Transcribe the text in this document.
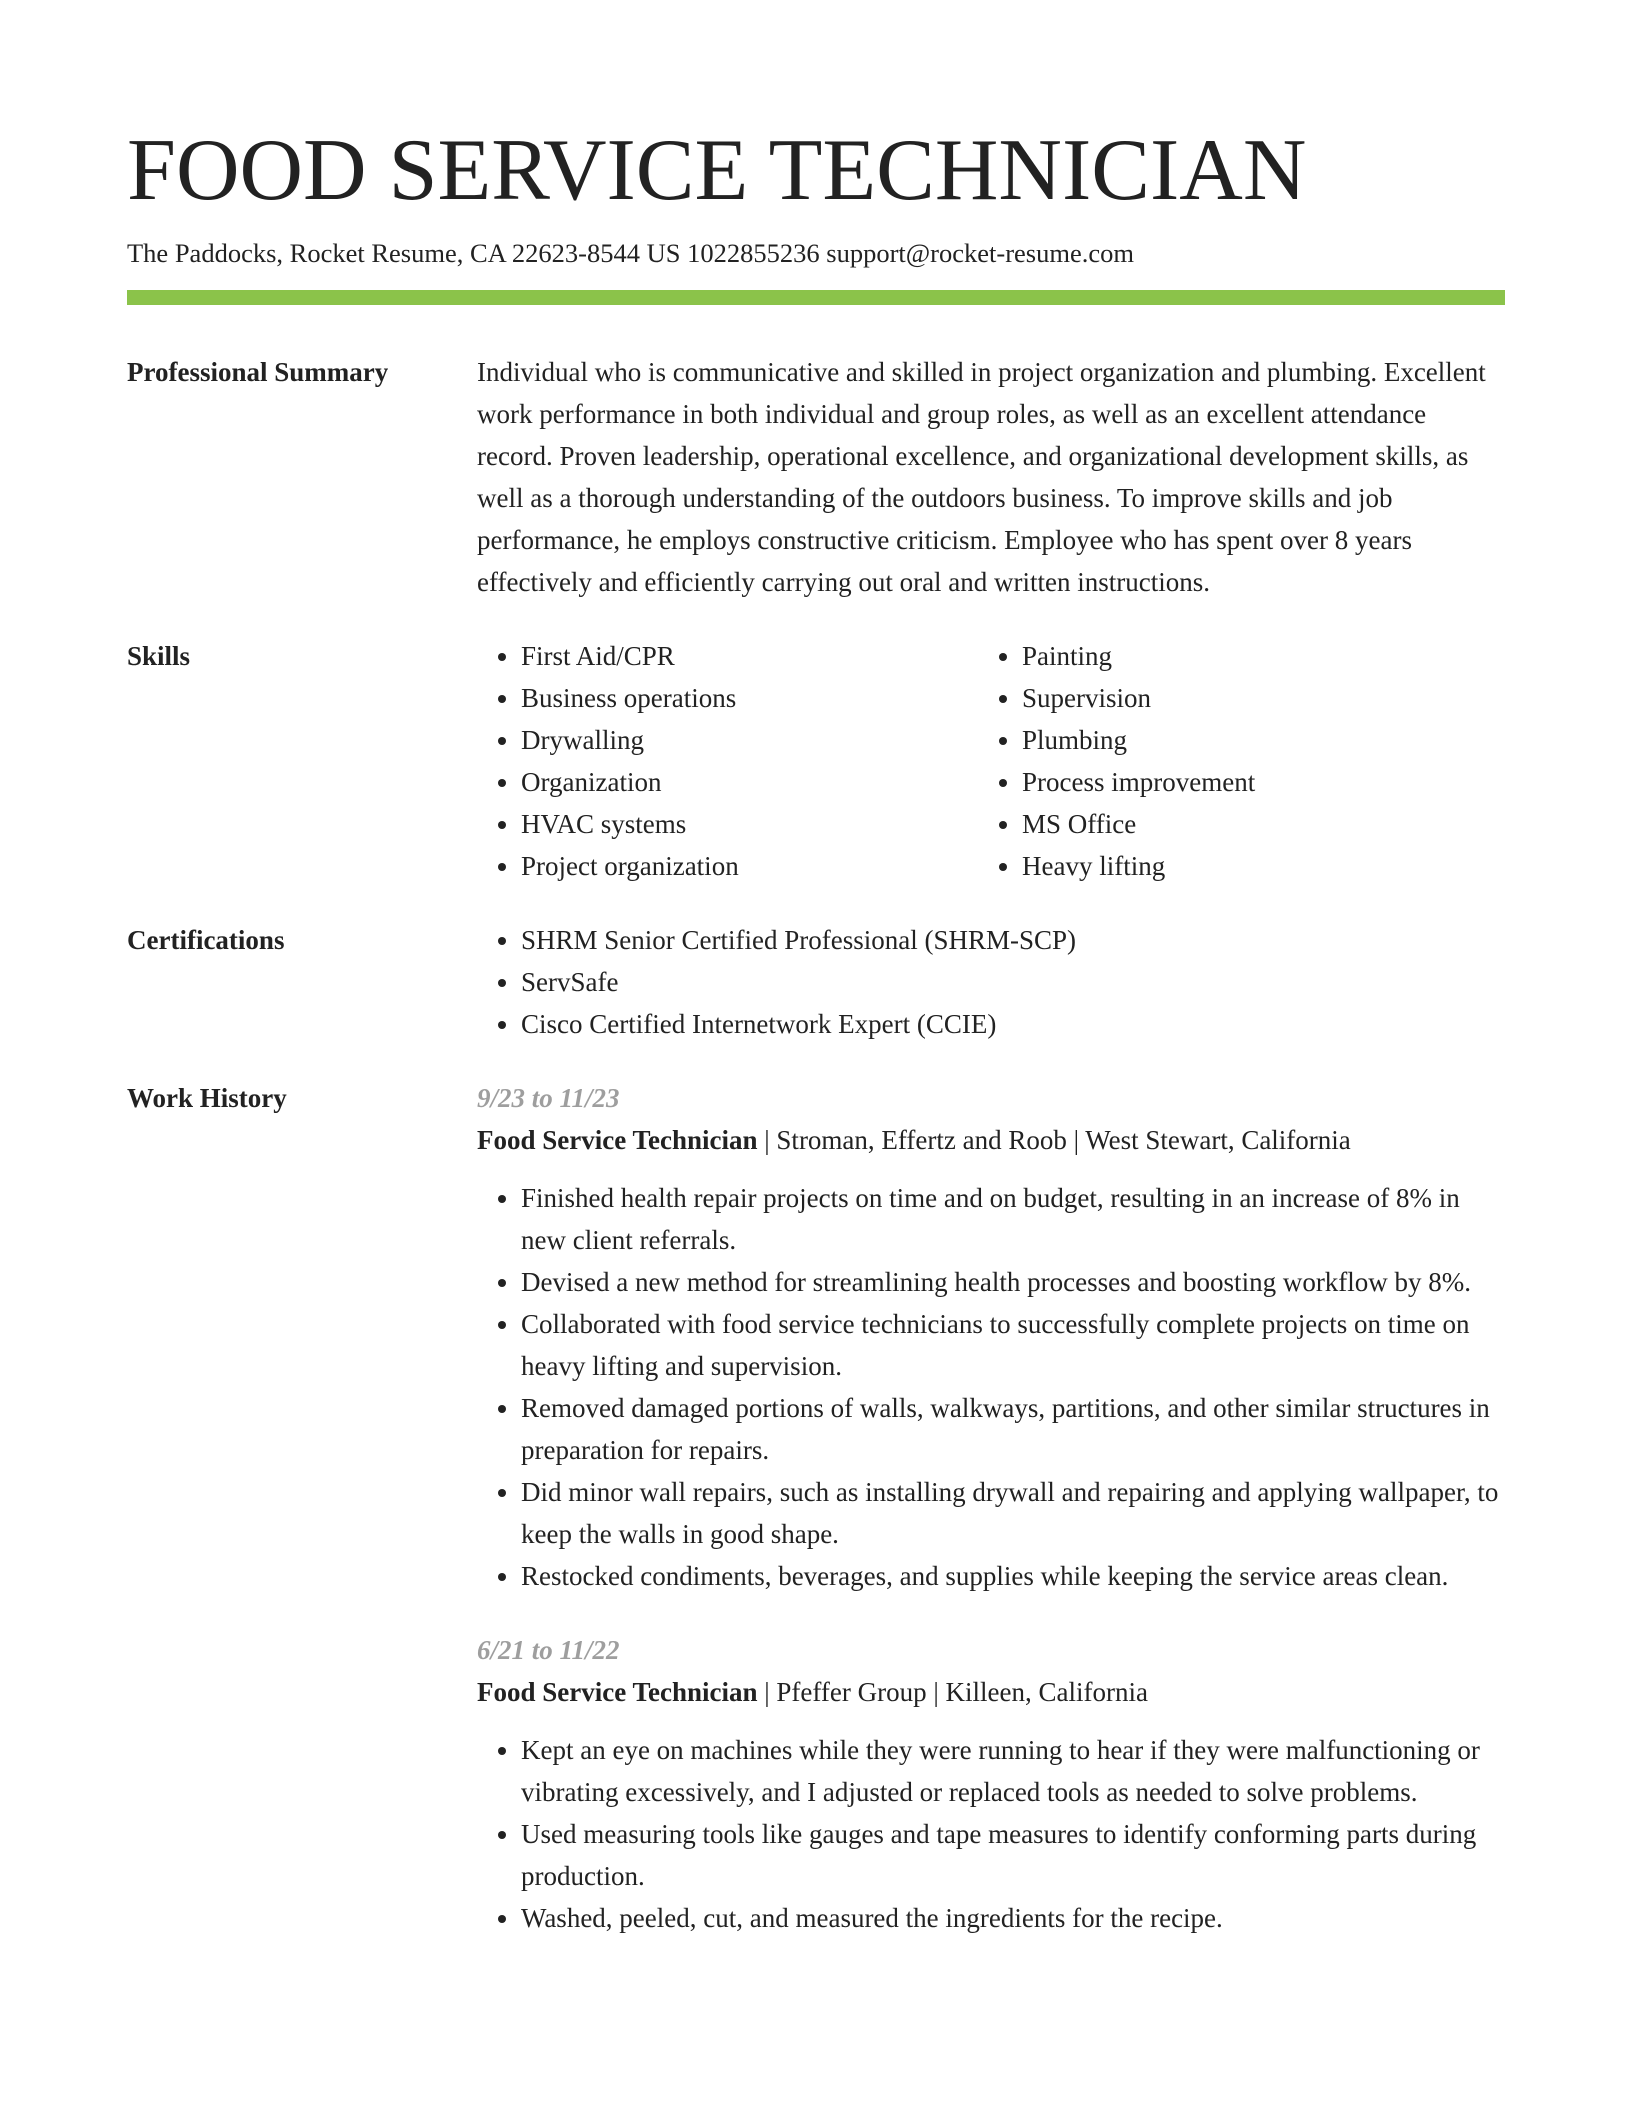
FOOD SERVICE TECHNICIAN
The Paddocks, Rocket Resume, CA 22623-8544 US 1022855236 support@rocket-resume.com
Professional Summary	Individual who is communicative and skilled in project organization and plumbing. Excellent work performance in both individual and group roles, as well as an excellent attendance record. Proven leadership, operational excellence, and organizational development skills, as well as a thorough understanding of the outdoors business. To improve skills and job performance, he employs constructive criticism. Employee who has spent over 8 years effectively and efficiently carrying out oral and written instructions.
Skills	• First Aid/CPR
• Business operations
• Drywalling
• Organization
• HVAC systems
• Project organization
• Painting
• Supervision
• Plumbing
• Process improvement
• MS Office
• Heavy lifting
Certifications	• SHRM Senior Certified Professional (SHRM-SCP)
• ServSafe
• Cisco Certified Internetwork Expert (CCIE)
Work History	9/23 to 11/23
Food Service Technician | Stroman, Effertz and Roob | West Stewart, California
• Finished health repair projects on time and on budget, resulting in an increase of 8% in new client referrals.
• Devised a new method for streamlining health processes and boosting workflow by 8%.
• Collaborated with food service technicians to successfully complete projects on time on heavy lifting and supervision.
• Removed damaged portions of walls, walkways, partitions, and other similar structures in preparation for repairs.
• Did minor wall repairs, such as installing drywall and repairing and applying wallpaper, to keep the walls in good shape.
• Restocked condiments, beverages, and supplies while keeping the service areas clean.
6/21 to 11/22
Food Service Technician | Pfeffer Group | Killeen, California
• Kept an eye on machines while they were running to hear if they were malfunctioning or vibrating excessively, and I adjusted or replaced tools as needed to solve problems.
• Used measuring tools like gauges and tape measures to identify conforming parts during production.
• Washed, peeled, cut, and measured the ingredients for the recipe.
